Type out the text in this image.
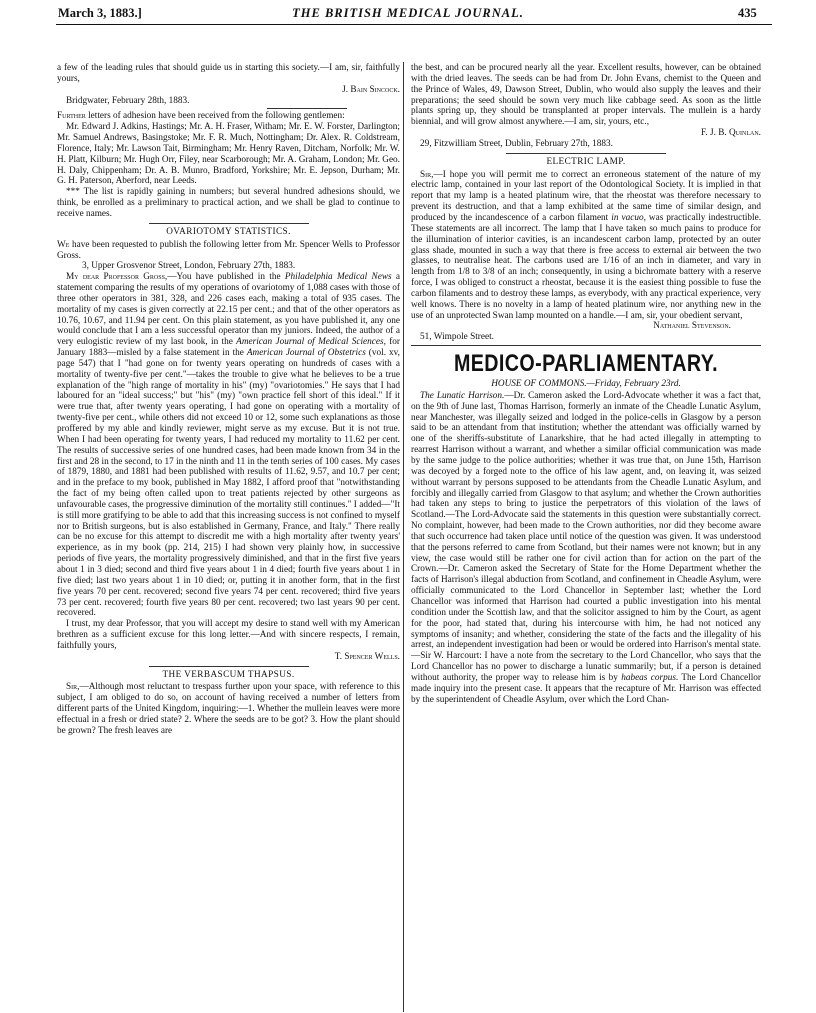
March 3, 1883.]	THE BRITISH MEDICAL JOURNAL.	435

a few of the leading rules that should guide us in starting this society.—I am, sir, faithfully yours,

J. Bain Sincock.
Bridgwater, February 28th, 1883.

Further letters of adhesion have been received from the following gentlemen:

Mr. Edward J. Adkins, Hastings; Mr. A. H. Fraser, Witham; Mr. E. W. Forster, Darlington; Mr. Samuel Andrews, Basingstoke; Mr. F. R. Much, Nottingham; Dr. Alex. R. Coldstream, Florence, Italy; Mr. Lawson Tait, Birmingham; Mr. Henry Raven, Ditcham, Norfolk; Mr. W. H. Platt, Kilburn; Mr. Hugh Orr, Filey, near Scarborough; Mr. A. Graham, London; Mr. Geo. H. Daly, Chippenham; Dr. A. B. Munro, Bradford, Yorkshire; Mr. E. Jepson, Durham; Mr. G. H. Paterson, Aberford, near Leeds.

*** The list is rapidly gaining in numbers; but several hundred adhesions should, we think, be enrolled as a preliminary to practical action, and we shall be glad to continue to receive names.

OVARIOTOMY STATISTICS.

We have been requested to publish the following letter from Mr. Spencer Wells to Professor Gross.

3, Upper Grosvenor Street, London, February 27th, 1883.

My dear Professor Gross,—You have published in the Philadelphia Medical News a statement comparing the results of my operations of ovariotomy of 1,088 cases with those of three other operators in 381, 328, and 226 cases each, making a total of 935 cases. The mortality of my cases is given correctly at 22.15 per cent.; and that of the other operators as 10.76, 10.67, and 11.94 per cent. On this plain statement, as you have published it, any one would conclude that I am a less successful operator than my juniors. Indeed, the author of a very eulogistic review of my last book, in the American Journal of Medical Sciences, for January 1883—misled by a false statement in the American Journal of Obstetrics (vol. xv, page 547) that I "had gone on for twenty years operating on hundreds of cases with a mortality of twenty-five per cent."—takes the trouble to give what he believes to be a true explanation of the "high range of mortality in his" (my) "ovariotomies." He says that I had laboured for an "ideal success;" but "his" (my) "own practice fell short of this ideal." If it were true that, after twenty years operating, I had gone on operating with a mortality of twenty-five per cent., while others did not exceed 10 or 12, some such explanations as those proffered by my able and kindly reviewer, might serve as my excuse. But it is not true. When I had been operating for twenty years, I had reduced my mortality to 11.62 per cent. The results of successive series of one hundred cases, had been made known from 34 in the first and 28 in the second, to 17 in the ninth and 11 in the tenth series of 100 cases. My cases of 1879, 1880, and 1881 had been published with results of 11.62, 9.57, and 10.7 per cent; and in the preface to my book, published in May 1882, I afford proof that "notwithstanding the fact of my being often called upon to treat patients rejected by other surgeons as unfavourable cases, the progressive diminution of the mortality still continues." I added—"It is still more gratifying to be able to add that this increasing success is not confined to myself nor to British surgeons, but is also established in Germany, France, and Italy." There really can be no excuse for this attempt to discredit me with a high mortality after twenty years' experience, as in my book (pp. 214, 215) I had shown very plainly how, in successive periods of five years, the mortality progressively diminished, and that in the first five years about 1 in 3 died; second and third five years about 1 in 4 died; fourth five years about 1 in five died; last two years about 1 in 10 died; or, putting it in another form, that in the first five years 70 per cent. recovered; second five years 74 per cent. recovered; third five years 73 per cent. recovered; fourth five years 80 per cent. recovered; two last years 90 per cent. recovered.

I trust, my dear Professor, that you will accept my desire to stand well with my American brethren as a sufficient excuse for this long letter.—And with sincere respects, I remain, faithfully yours,

T. Spencer Wells.
THE VERBASCUM THAPSUS.

Sir,—Although most reluctant to trespass further upon your space, with reference to this subject, I am obliged to do so, on account of having received a number of letters from different parts of the United Kingdom, inquiring:—1. Whether the mullein leaves were more effectual in a fresh or dried state? 2. Where the seeds are to be got? 3. How the plant should be grown? The fresh leaves are

the best, and can be procured nearly all the year. Excellent results, however, can be obtained with the dried leaves. The seeds can be had from Dr. John Evans, chemist to the Queen and the Prince of Wales, 49, Dawson Street, Dublin, who would also supply the leaves and their preparations; the seed should be sown very much like cabbage seed. As soon as the little plants spring up, they should be transplanted at proper intervals. The mullein is a hardy biennial, and will grow almost anywhere.—I am, sir, yours, etc.,

F. J. B. Quinlan.
29, Fitzwilliam Street, Dublin, February 27th, 1883.
ELECTRIC LAMP.

Sir,—I hope you will permit me to correct an erroneous statement of the nature of my electric lamp, contained in your last report of the Odontological Society. It is implied in that report that my lamp is a heated platinum wire, that the rheostat was therefore necessary to prevent its destruction, and that a lamp exhibited at the same time of similar design, and produced by the incandescence of a carbon filament in vacuo, was practically indestructible. These statements are all incorrect. The lamp that I have taken so much pains to produce for the illumination of interior cavities, is an incandescent carbon lamp, protected by an outer glass shade, mounted in such a way that there is free access to external air between the two glasses, to neutralise heat. The carbons used are 1/16 of an inch in diameter, and vary in length from 1/8 to 3/8 of an inch; consequently, in using a bichromate battery with a reserve force, I was obliged to construct a rheostat, because it is the easiest thing possible to fuse the carbon filaments and to destroy these lamps, as everybody, with any practical experience, very well knows. There is no novelty in a lamp of heated platinum wire, nor anything new in the use of an unprotected Swan lamp mounted on a handle.—I am, sir, your obedient servant,

Nathaniel Stevenson.
51, Wimpole Street.
MEDICO-PARLIAMENTARY.
HOUSE OF COMMONS.—Friday, February 23rd.

The Lunatic Harrison.—Dr. Cameron asked the Lord-Advocate whether it was a fact that, on the 9th of June last, Thomas Harrison, formerly an inmate of the Cheadle Lunatic Asylum, near Manchester, was illegally seized and lodged in the police-cells in Glasgow by a person said to be an attendant from that institution; whether the attendant was officially warned by one of the sheriffs-substitute of Lanarkshire, that he had acted illegally in attempting to rearrest Harrison without a warrant, and whether a similar official communication was made by the same judge to the police authorities; whether it was true that, on June 15th, Harrison was decoyed by a forged note to the office of his law agent, and, on leaving it, was seized without warrant by persons supposed to be attendants from the Cheadle Lunatic Asylum, and forcibly and illegally carried from Glasgow to that asylum; and whether the Crown authorities had taken any steps to bring to justice the perpetrators of this violation of the laws of Scotland.—The Lord-Advocate said the statements in this question were substantially correct. No complaint, however, had been made to the Crown authorities, nor did they become aware that such occurrence had taken place until notice of the question was given. It was understood that the persons referred to came from Scotland, but their names were not known; but in any view, the case would still be rather one for civil action than for action on the part of the Crown.—Dr. Cameron asked the Secretary of State for the Home Department whether the facts of Harrison's illegal abduction from Scotland, and confinement in Cheadle Asylum, were officially communicated to the Lord Chancellor in September last; whether the Lord Chancellor was informed that Harrison had courted a public investigation into his mental condition under the Scottish law, and that the solicitor assigned to him by the Court, as agent for the poor, had stated that, during his intercourse with him, he had not noticed any symptoms of insanity; and whether, considering the state of the facts and the illegality of his arrest, an independent investigation had been or would be ordered into Harrison's mental state.—Sir W. Harcourt: I have a note from the secretary to the Lord Chancellor, who says that the Lord Chancellor has no power to discharge a lunatic summarily; but, if a person is detained without authority, the proper way to release him is by habeas corpus. The Lord Chancellor made inquiry into the present case. It appears that the recapture of Mr. Harrison was effected by the superintendent of Cheadle Asylum, over which the Lord Chan-
